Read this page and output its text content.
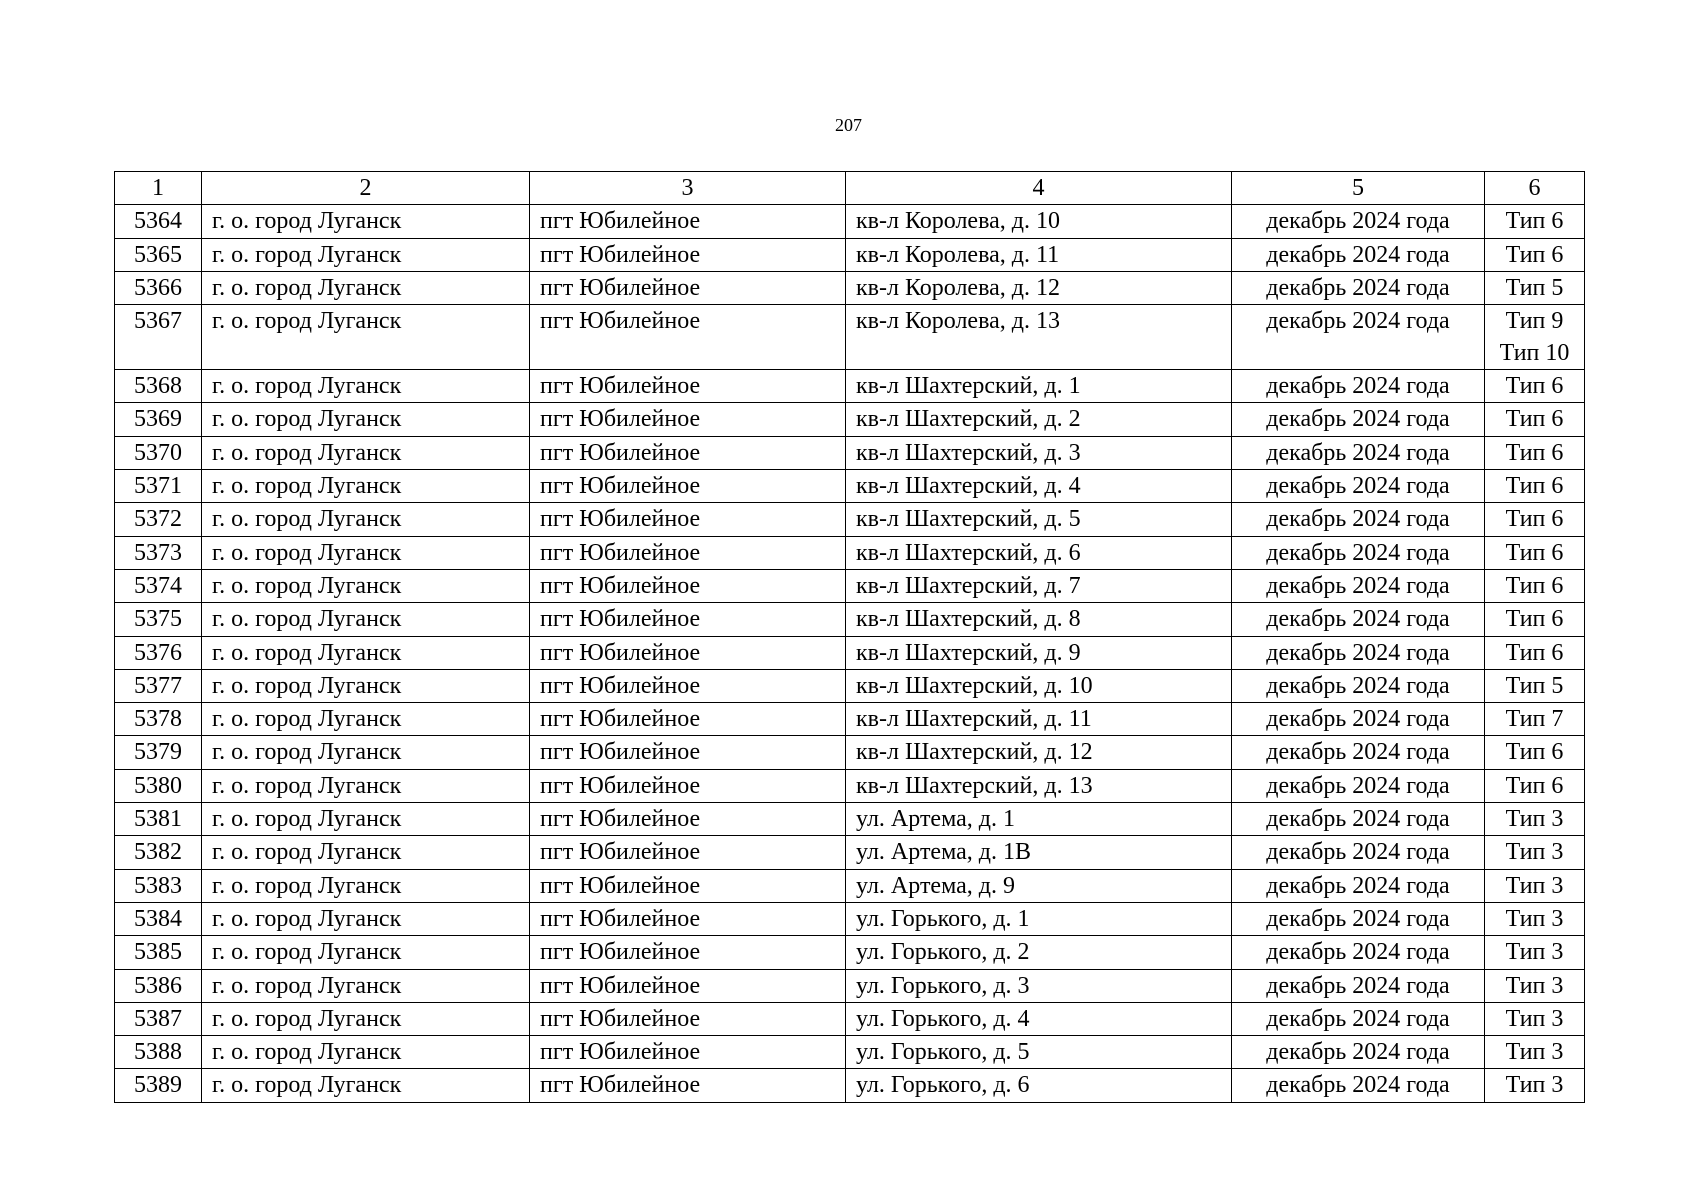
207
1	2	3	4	5	6
5364	г. о. город Луганск	пгт Юбилейное	кв-л Королева, д. 10	декабрь 2024 года	Тип 6

5365	г. о. город Луганск	пгт Юбилейное	кв-л Королева, д. 11	декабрь 2024 года	Тип 6

5366	г. о. город Луганск	пгт Юбилейное	кв-л Королева, д. 12	декабрь 2024 года	Тип 5

5367	г. о. город Луганск	пгт Юбилейное	кв-л Королева, д. 13	декабрь 2024 года	Тип 9
Тип 10

5368	г. о. город Луганск	пгт Юбилейное	кв-л Шахтерский, д. 1	декабрь 2024 года	Тип 6

5369	г. о. город Луганск	пгт Юбилейное	кв-л Шахтерский, д. 2	декабрь 2024 года	Тип 6

5370	г. о. город Луганск	пгт Юбилейное	кв-л Шахтерский, д. 3	декабрь 2024 года	Тип 6

5371	г. о. город Луганск	пгт Юбилейное	кв-л Шахтерский, д. 4	декабрь 2024 года	Тип 6

5372	г. о. город Луганск	пгт Юбилейное	кв-л Шахтерский, д. 5	декабрь 2024 года	Тип 6

5373	г. о. город Луганск	пгт Юбилейное	кв-л Шахтерский, д. 6	декабрь 2024 года	Тип 6

5374	г. о. город Луганск	пгт Юбилейное	кв-л Шахтерский, д. 7	декабрь 2024 года	Тип 6

5375	г. о. город Луганск	пгт Юбилейное	кв-л Шахтерский, д. 8	декабрь 2024 года	Тип 6

5376	г. о. город Луганск	пгт Юбилейное	кв-л Шахтерский, д. 9	декабрь 2024 года	Тип 6

5377	г. о. город Луганск	пгт Юбилейное	кв-л Шахтерский, д. 10	декабрь 2024 года	Тип 5

5378	г. о. город Луганск	пгт Юбилейное	кв-л Шахтерский, д. 11	декабрь 2024 года	Тип 7

5379	г. о. город Луганск	пгт Юбилейное	кв-л Шахтерский, д. 12	декабрь 2024 года	Тип 6

5380	г. о. город Луганск	пгт Юбилейное	кв-л Шахтерский, д. 13	декабрь 2024 года	Тип 6

5381	г. о. город Луганск	пгт Юбилейное	ул. Артема, д. 1	декабрь 2024 года	Тип 3

5382	г. о. город Луганск	пгт Юбилейное	ул. Артема, д. 1В	декабрь 2024 года	Тип 3

5383	г. о. город Луганск	пгт Юбилейное	ул. Артема, д. 9	декабрь 2024 года	Тип 3

5384	г. о. город Луганск	пгт Юбилейное	ул. Горького, д. 1	декабрь 2024 года	Тип 3

5385	г. о. город Луганск	пгт Юбилейное	ул. Горького, д. 2	декабрь 2024 года	Тип 3

5386	г. о. город Луганск	пгт Юбилейное	ул. Горького, д. 3	декабрь 2024 года	Тип 3

5387	г. о. город Луганск	пгт Юбилейное	ул. Горького, д. 4	декабрь 2024 года	Тип 3

5388	г. о. город Луганск	пгт Юбилейное	ул. Горького, д. 5	декабрь 2024 года	Тип 3

5389	г. о. город Луганск	пгт Юбилейное	ул. Горького, д. 6	декабрь 2024 года	Тип 3
